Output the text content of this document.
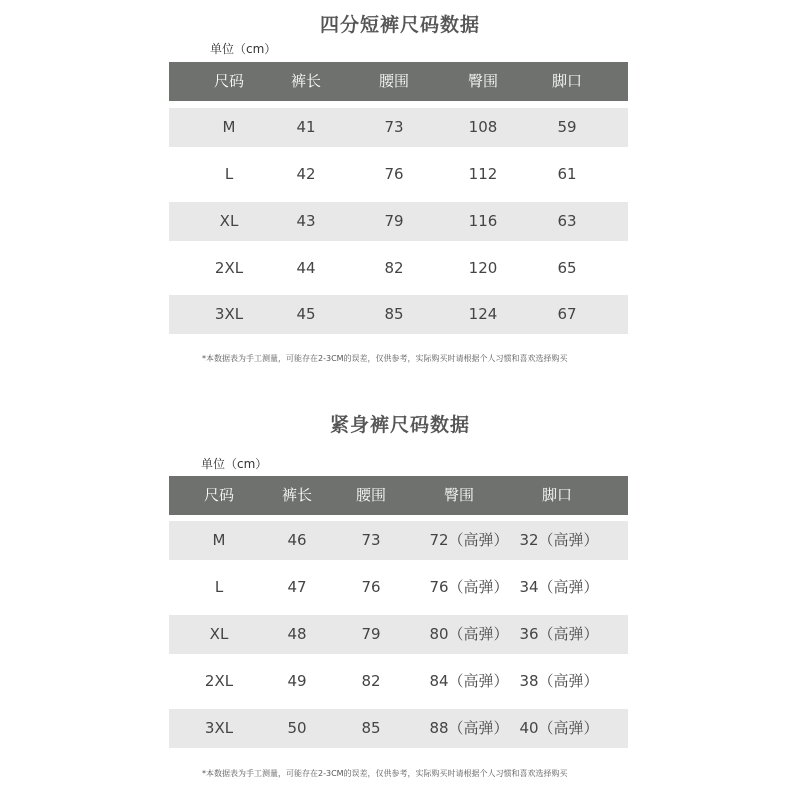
四分短裤尺码数据
单位（cm）
尺码	裤长	腰围	臀围	脚口
M	41	73	108	59
L	42	76	112	61
XL	43	79	116	63
2XL	44	82	120	65
3XL	45	85	124	67
*本数据表为手工测量，可能存在2-3CM的误差，仅供参考，实际购买时请根据个人习惯和喜欢选择购买
紧身裤尺码数据
单位（cm）
尺码	裤长	腰围	臀围	脚口
M	46	73	72（高弹） 32（高弹）
L	47	76	76（高弹） 34（高弹）
XL	48	79	80（高弹） 36（高弹）
2XL	49	82	84（高弹） 38（高弹）
3XL	50	85	88（高弹） 40（高弹）
*本数据表为手工测量，可能存在2-3CM的误差，仅供参考，实际购买时请根据个人习惯和喜欢选择购买
